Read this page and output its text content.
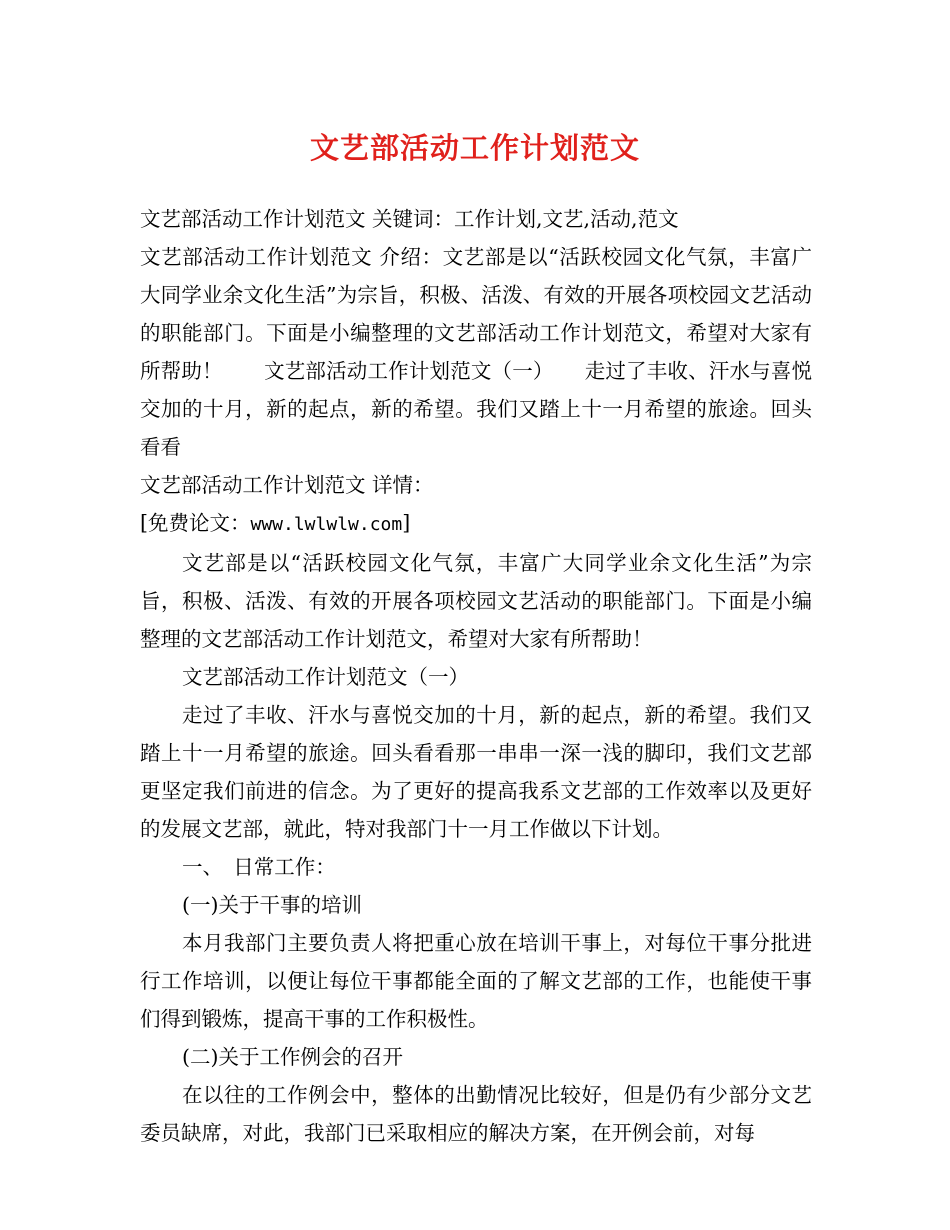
文艺部活动工作计划范文

文艺部活动工作计划范文 关键词：工作计划,文艺,活动,范文

文艺部活动工作计划范文 介绍：文艺部是以“活跃校园文化气氛，丰富广大同学业余文化生活”为宗旨，积极、活泼、有效的开展各项校园文艺活动的职能部门。下面是小编整理的文艺部活动工作计划范文，希望对大家有所帮助！　　文艺部活动工作计划范文（一）　　走过了丰收、汗水与喜悦交加的十月，新的起点，新的希望。我们又踏上十一月希望的旅途。回头看看

文艺部活动工作计划范文 详情：

[免费论文：www.lwlwlw.com]

文艺部是以“活跃校园文化气氛，丰富广大同学业余文化生活”为宗旨，积极、活泼、有效的开展各项校园文艺活动的职能部门。下面是小编整理的文艺部活动工作计划范文，希望对大家有所帮助！

文艺部活动工作计划范文（一）

走过了丰收、汗水与喜悦交加的十月，新的起点，新的希望。我们又踏上十一月希望的旅途。回头看看那一串串一深一浅的脚印，我们文艺部更坚定我们前进的信念。为了更好的提高我系文艺部的工作效率以及更好的发展文艺部，就此，特对我部门十一月工作做以下计划。

一、　日常工作：

(一)关于干事的培训

本月我部门主要负责人将把重心放在培训干事上，对每位干事分批进行工作培训，以便让每位干事都能全面的了解文艺部的工作，也能使干事们得到锻炼，提高干事的工作积极性。

(二)关于工作例会的召开

在以往的工作例会中，整体的出勤情况比较好，但是仍有少部分文艺委员缺席，对此，我部门已采取相应的解决方案，在开例会前，对每
